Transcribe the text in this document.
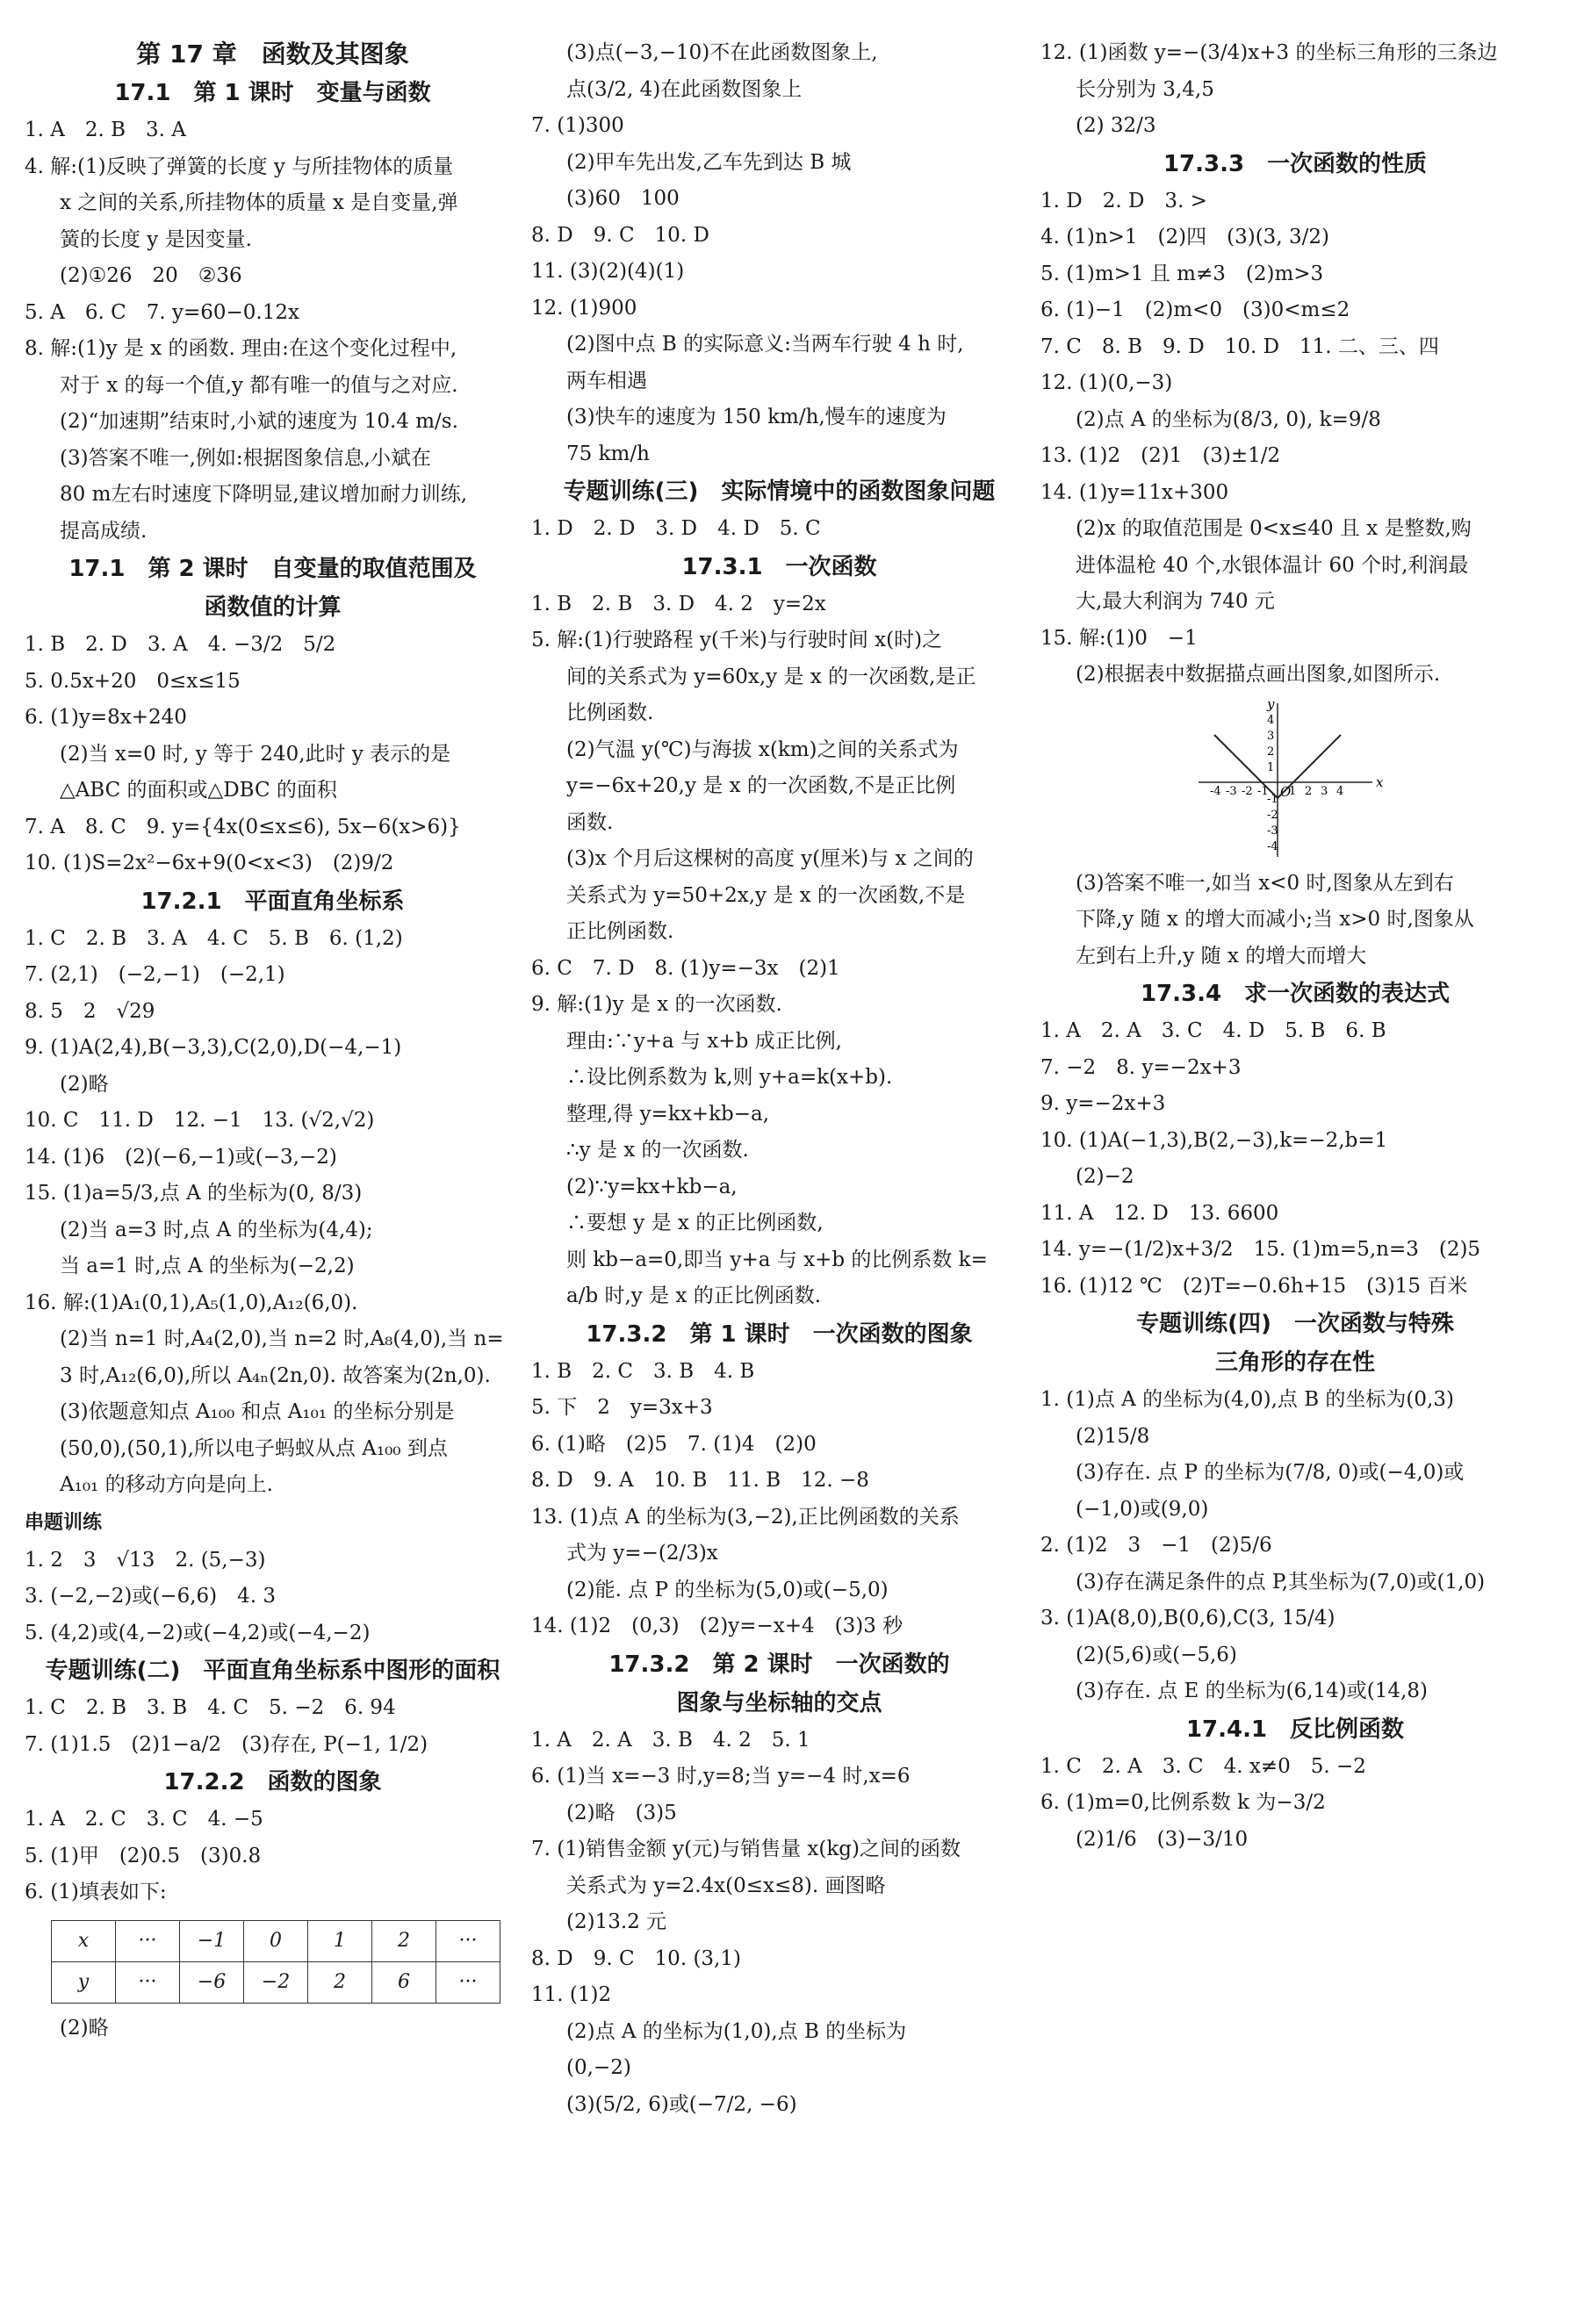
第 17 章　函数及其图象
17.1　第 1 课时　变量与函数
1. A　2. B　3. A
4. 解:(1)反映了弹簧的长度 y 与所挂物体的质量
x 之间的关系,所挂物体的质量 x 是自变量,弹
簧的长度 y 是因变量.
(2)①26　20　②36
5. A　6. C　7. y=60−0.12x
8. 解:(1)y 是 x 的函数. 理由:在这个变化过程中,
对于 x 的每一个值,y 都有唯一的值与之对应.
(2)“加速期”结束时,小斌的速度为 10.4 m/s.
(3)答案不唯一,例如:根据图象信息,小斌在
80 m左右时速度下降明显,建议增加耐力训练,
提高成绩.
17.1　第 2 课时　自变量的取值范围及
函数值的计算
1. B　2. D　3. A　4. −3/2　5/2
5. 0.5x+20　0≤x≤15
6. (1)y=8x+240
(2)当 x=0 时, y 等于 240,此时 y 表示的是
△ABC 的面积或△DBC 的面积
7. A　8. C　9. y={4x(0≤x≤6), 5x−6(x>6)}
10. (1)S=2x²−6x+9(0<x<3)　(2)9/2
17.2.1　平面直角坐标系
1. C　2. B　3. A　4. C　5. B　6. (1,2)
7. (2,1)　(−2,−1)　(−2,1)
8. 5　2　√29
9. (1)A(2,4),B(−3,3),C(2,0),D(−4,−1)
(2)略
10. C　11. D　12. −1　13. (√2,√2)
14. (1)6　(2)(−6,−1)或(−3,−2)
15. (1)a=5/3,点 A 的坐标为(0, 8/3)
(2)当 a=3 时,点 A 的坐标为(4,4);
当 a=1 时,点 A 的坐标为(−2,2)
16. 解:(1)A₁(0,1),A₅(1,0),A₁₂(6,0).
(2)当 n=1 时,A₄(2,0),当 n=2 时,A₈(4,0),当 n=
3 时,A₁₂(6,0),所以 A₄ₙ(2n,0). 故答案为(2n,0).
(3)依题意知点 A₁₀₀ 和点 A₁₀₁ 的坐标分别是
(50,0),(50,1),所以电子蚂蚁从点 A₁₀₀ 到点
A₁₀₁ 的移动方向是向上.
串题训练
1. 2　3　√13　2. (5,−3)
3. (−2,−2)或(−6,6)　4. 3
5. (4,2)或(4,−2)或(−4,2)或(−4,−2)
专题训练(二)　平面直角坐标系中图形的面积
1. C　2. B　3. B　4. C　5. −2　6. 94
7. (1)1.5　(2)1−a/2　(3)存在, P(−1, 1/2)
17.2.2　函数的图象
1. A　2. C　3. C　4. −5
5. (1)甲　(2)0.5　(3)0.8
6. (1)填表如下:
x	···	−1	0	1	2	···
y	···	−6	−2	2	6	···
(2)略
(3)点(−3,−10)不在此函数图象上,
点(3/2, 4)在此函数图象上
7. (1)300
(2)甲车先出发,乙车先到达 B 城
(3)60　100
8. D　9. C　10. D
11. (3)(2)(4)(1)
12. (1)900
(2)图中点 B 的实际意义:当两车行驶 4 h 时,
两车相遇
(3)快车的速度为 150 km/h,慢车的速度为
75 km/h
专题训练(三)　实际情境中的函数图象问题
1. D　2. D　3. D　4. D　5. C
17.3.1　一次函数
1. B　2. B　3. D　4. 2　y=2x
5. 解:(1)行驶路程 y(千米)与行驶时间 x(时)之
间的关系式为 y=60x,y 是 x 的一次函数,是正
比例函数.
(2)气温 y(℃)与海拔 x(km)之间的关系式为
y=−6x+20,y 是 x 的一次函数,不是正比例
函数.
(3)x 个月后这棵树的高度 y(厘米)与 x 之间的
关系式为 y=50+2x,y 是 x 的一次函数,不是
正比例函数.
6. C　7. D　8. (1)y=−3x　(2)1
9. 解:(1)y 是 x 的一次函数.
理由:∵y+a 与 x+b 成正比例,
∴设比例系数为 k,则 y+a=k(x+b).
整理,得 y=kx+kb−a,
∴y 是 x 的一次函数.
(2)∵y=kx+kb−a,
∴要想 y 是 x 的正比例函数,
则 kb−a=0,即当 y+a 与 x+b 的比例系数 k=
a/b 时,y 是 x 的正比例函数.
17.3.2　第 1 课时　一次函数的图象
1. B　2. C　3. B　4. B
5. 下　2　y=3x+3
6. (1)略　(2)5　7. (1)4　(2)0
8. D　9. A　10. B　11. B　12. −8
13. (1)点 A 的坐标为(3,−2),正比例函数的关系
式为 y=−(2/3)x
(2)能. 点 P 的坐标为(5,0)或(−5,0)
14. (1)2　(0,3)　(2)y=−x+4　(3)3 秒
17.3.2　第 2 课时　一次函数的
图象与坐标轴的交点
1. A　2. A　3. B　4. 2　5. 1
6. (1)当 x=−3 时,y=8;当 y=−4 时,x=6
(2)略　(3)5
7. (1)销售金额 y(元)与销售量 x(kg)之间的函数
关系式为 y=2.4x(0≤x≤8). 画图略
(2)13.2 元
8. D　9. C　10. (3,1)
11. (1)2
(2)点 A 的坐标为(1,0),点 B 的坐标为
(0,−2)
(3)(5/2, 6)或(−7/2, −6)
12. (1)函数 y=−(3/4)x+3 的坐标三角形的三条边
长分别为 3,4,5
(2) 32/3
17.3.3　一次函数的性质
1. D　2. D　3. >
4. (1)n>1　(2)四　(3)(3, 3/2)
5. (1)m>1 且 m≠3　(2)m>3
6. (1)−1　(2)m<0　(3)0<m≤2
7. C　8. B　9. D　10. D　11. 二、三、四
12. (1)(0,−3)
(2)点 A 的坐标为(8/3, 0), k=9/8
13. (1)2　(2)1　(3)±1/2
14. (1)y=11x+300
(2)x 的取值范围是 0<x≤40 且 x 是整数,购
进体温枪 40 个,水银体温计 60 个时,利润最
大,最大利润为 740 元
15. 解:(1)0　−1
(2)根据表中数据描点画出图象,如图所示.
x
y
O
-4 -3 -2 -1 1 2 3 4
4
3
2
1
-1
-2
-3
-4
(3)答案不唯一,如当 x<0 时,图象从左到右
下降,y 随 x 的增大而减小;当 x>0 时,图象从
左到右上升,y 随 x 的增大而增大
17.3.4　求一次函数的表达式
1. A　2. A　3. C　4. D　5. B　6. B
7. −2　8. y=−2x+3
9. y=−2x+3
10. (1)A(−1,3),B(2,−3),k=−2,b=1
(2)−2
11. A　12. D　13. 6600
14. y=−(1/2)x+3/2　15. (1)m=5,n=3　(2)5
16. (1)12 ℃　(2)T=−0.6h+15　(3)15 百米
专题训练(四)　一次函数与特殊
三角形的存在性
1. (1)点 A 的坐标为(4,0),点 B 的坐标为(0,3)
(2)15/8
(3)存在. 点 P 的坐标为(7/8, 0)或(−4,0)或
(−1,0)或(9,0)
2. (1)2　3　−1　(2)5/6
(3)存在满足条件的点 P,其坐标为(7,0)或(1,0)
3. (1)A(8,0),B(0,6),C(3, 15/4)
(2)(5,6)或(−5,6)
(3)存在. 点 E 的坐标为(6,14)或(14,8)
17.4.1　反比例函数
1. C　2. A　3. C　4. x≠0　5. −2
6. (1)m=0,比例系数 k 为−3/2
(2)1/6　(3)−3/10
